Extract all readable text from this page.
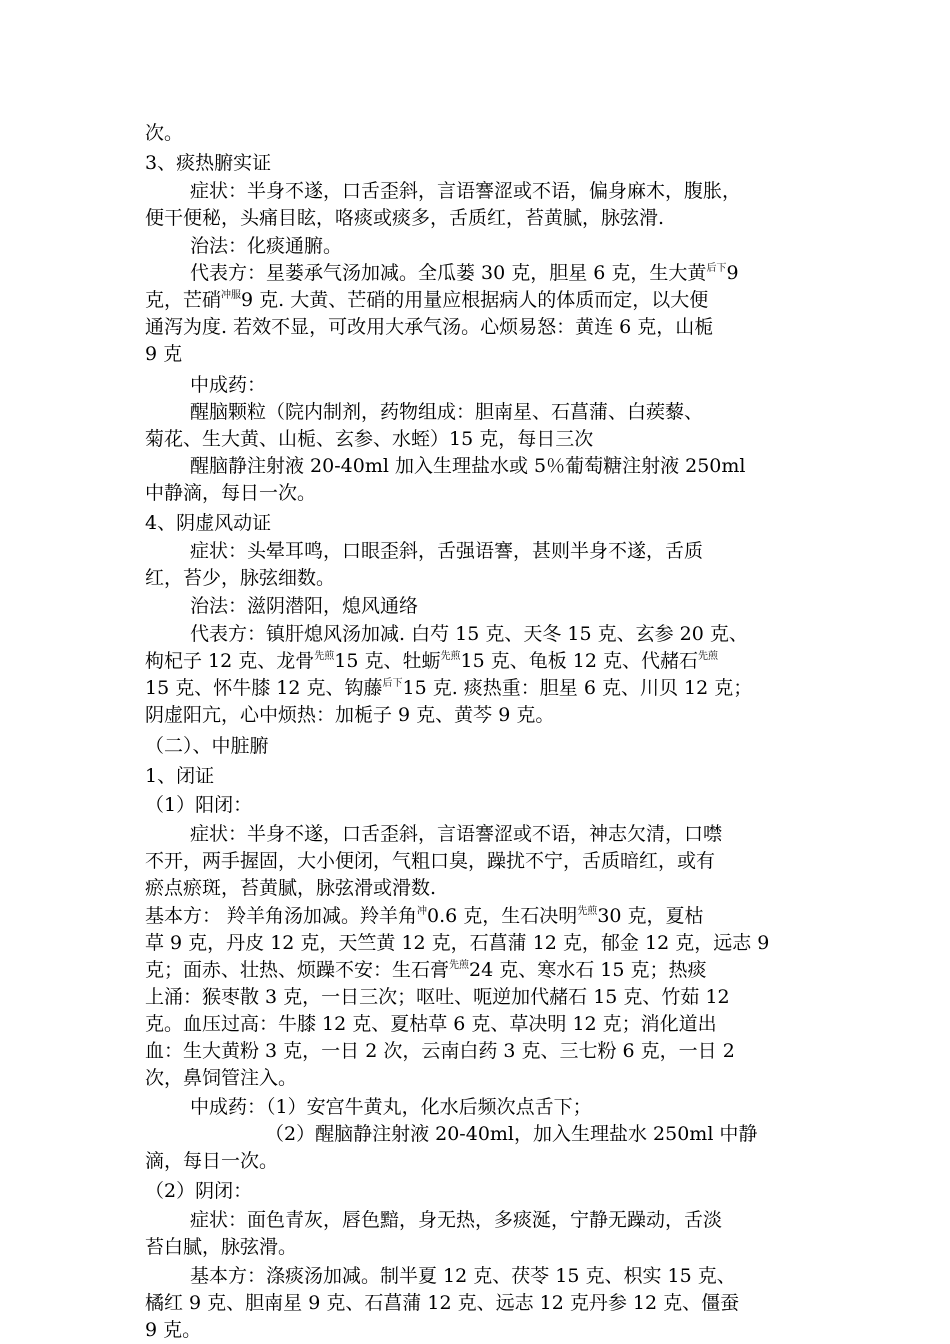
次。
3、痰热腑实证
症状：半身不遂，口舌歪斜，言语謇涩或不语，偏身麻木，腹胀，
便干便秘，头痛目眩，咯痰或痰多，舌质红，苔黄腻，脉弦滑.
治法：化痰通腑。
代表方：星蒌承气汤加减。全瓜蒌 30 克，胆星 6 克，生大黄$^{后下}$9
克，芒硝$^{冲服}$9 克. 大黄、芒硝的用量应根据病人的体质而定，以大便
通泻为度. 若效不显，可改用大承气汤。心烦易怒：黄连 6 克，山栀
9 克
中成药：
醒脑颗粒（院内制剂，药物组成：胆南星、石菖蒲、白蒺藜、
菊花、生大黄、山栀、玄参、水蛭）15 克，每日三次
醒脑静注射液 20-40ml 加入生理盐水或 5％葡萄糖注射液 250ml
中静滴，每日一次。
4、阴虚风动证
症状：头晕耳鸣，口眼歪斜，舌强语謇，甚则半身不遂，舌质
红，苔少，脉弦细数。
治法：滋阴潜阳，熄风通络
代表方：镇肝熄风汤加减. 白芍 15 克、天冬 15 克、玄参 20 克、
枸杞子 12 克、龙骨$^{先煎}$15 克、牡蛎$^{先煎}$15 克、龟板 12 克、代赭石$^{先煎}$
15 克、怀牛膝 12 克、钩藤$^{后下}$15 克. 痰热重：胆星 6 克、川贝 12 克；
阴虚阳亢，心中烦热：加栀子 9 克、黄芩 9 克。
（二）、中脏腑
1、闭证
（1）阳闭：
症状：半身不遂，口舌歪斜，言语謇涩或不语，神志欠清，口噤
不开，两手握固，大小便闭，气粗口臭，躁扰不宁，舌质暗红，或有
瘀点瘀斑，苔黄腻，脉弦滑或滑数.
基本方： 羚羊角汤加减。羚羊角$^冲$0.6 克，生石决明$^{先煎}$30 克，夏枯
草 9 克，丹皮 12 克，天竺黄 12 克，石菖蒲 12 克，郁金 12 克，远志 9
克；面赤、壮热、烦躁不安：生石膏$^{先煎}$24 克、寒水石 15 克；热痰
上涌：猴枣散 3 克，一日三次；呕吐、呃逆加代赭石 15 克、竹茹 12
克。血压过高：牛膝 12 克、夏枯草 6 克、草决明 12 克；消化道出
血：生大黄粉 3 克，一日 2 次，云南白药 3 克、三七粉 6 克，一日 2
次，鼻饲管注入。
中成药：（1）安宫牛黄丸，化水后频次点舌下；
（2）醒脑静注射液 20-40ml，加入生理盐水 250ml 中静
滴，每日一次。
（2）阴闭：
症状：面色青灰，唇色黯，身无热，多痰涎，宁静无躁动，舌淡
苔白腻，脉弦滑。
基本方：涤痰汤加减。制半夏 12 克、茯苓 15 克、枳实 15 克、
橘红 9 克、胆南星 9 克、石菖蒲 12 克、远志 12 克丹参 12 克、僵蚕
9 克。
